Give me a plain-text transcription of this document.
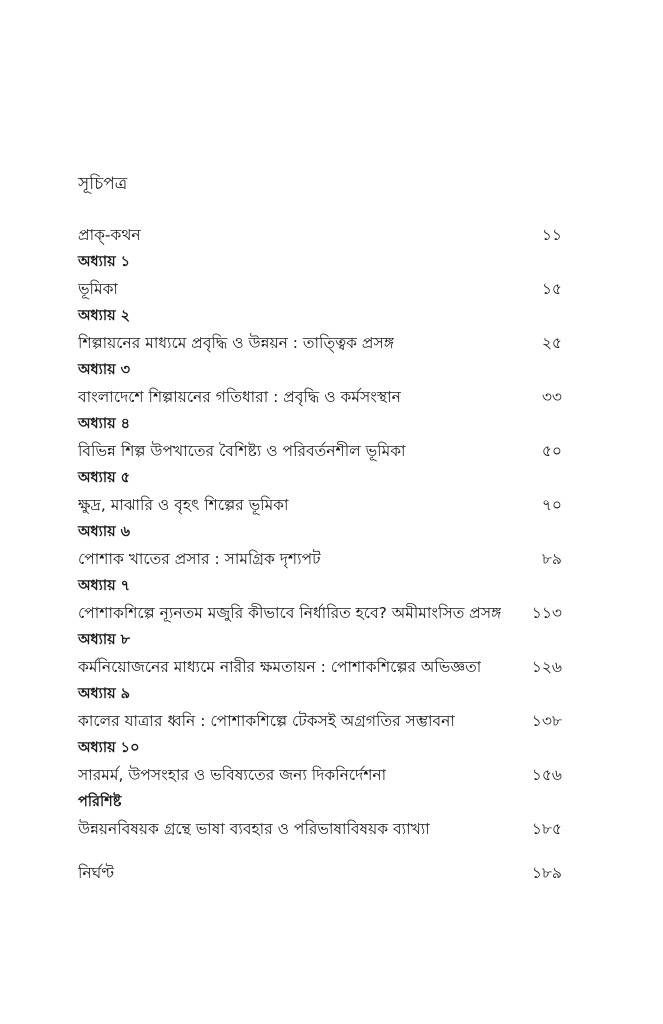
সূচিপত্র
প্রাক্‌-কথন	১১
অধ্যায় ১
ভূমিকা	১৫
অধ্যায় ২
শিল্পায়নের মাধ্যমে প্রবৃদ্ধি ও উন্নয়ন : তাত্ত্বিক প্রসঙ্গ	২৫
অধ্যায় ৩
বাংলাদেশে শিল্পায়নের গতিধারা : প্রবৃদ্ধি ও কর্মসংস্থান	৩৩
অধ্যায় ৪
বিভিন্ন শিল্প উপখাতের বৈশিষ্ট্য ও পরিবর্তনশীল ভূমিকা	৫০
অধ্যায় ৫
ক্ষুদ্র, মাঝারি ও বৃহৎ শিল্পের ভূমিকা	৭০
অধ্যায় ৬
পোশাক খাতের প্রসার : সামগ্রিক দৃশ্যপট	৮৯
অধ্যায় ৭
পোশাকশিল্পে ন্যূনতম মজুরি কীভাবে নির্ধারিত হবে? অমীমাংসিত প্রসঙ্গ	১১৩
অধ্যায় ৮
কর্মনিয়োজনের মাধ্যমে নারীর ক্ষমতায়ন : পোশাকশিল্পের অভিজ্ঞতা	১২৬
অধ্যায় ৯
কালের যাত্রার ধ্বনি : পোশাকশিল্পে টেকসই অগ্রগতির সম্ভাবনা	১৩৮
অধ্যায় ১০
সারমর্ম, উপসংহার ও ভবিষ্যতের জন্য দিকনির্দেশনা	১৫৬
পরিশিষ্ট
উন্নয়নবিষয়ক গ্রন্থে ভাষা ব্যবহার ও পরিভাষাবিষয়ক ব্যাখ্যা	১৮৫
নির্ঘণ্ট	১৮৯
